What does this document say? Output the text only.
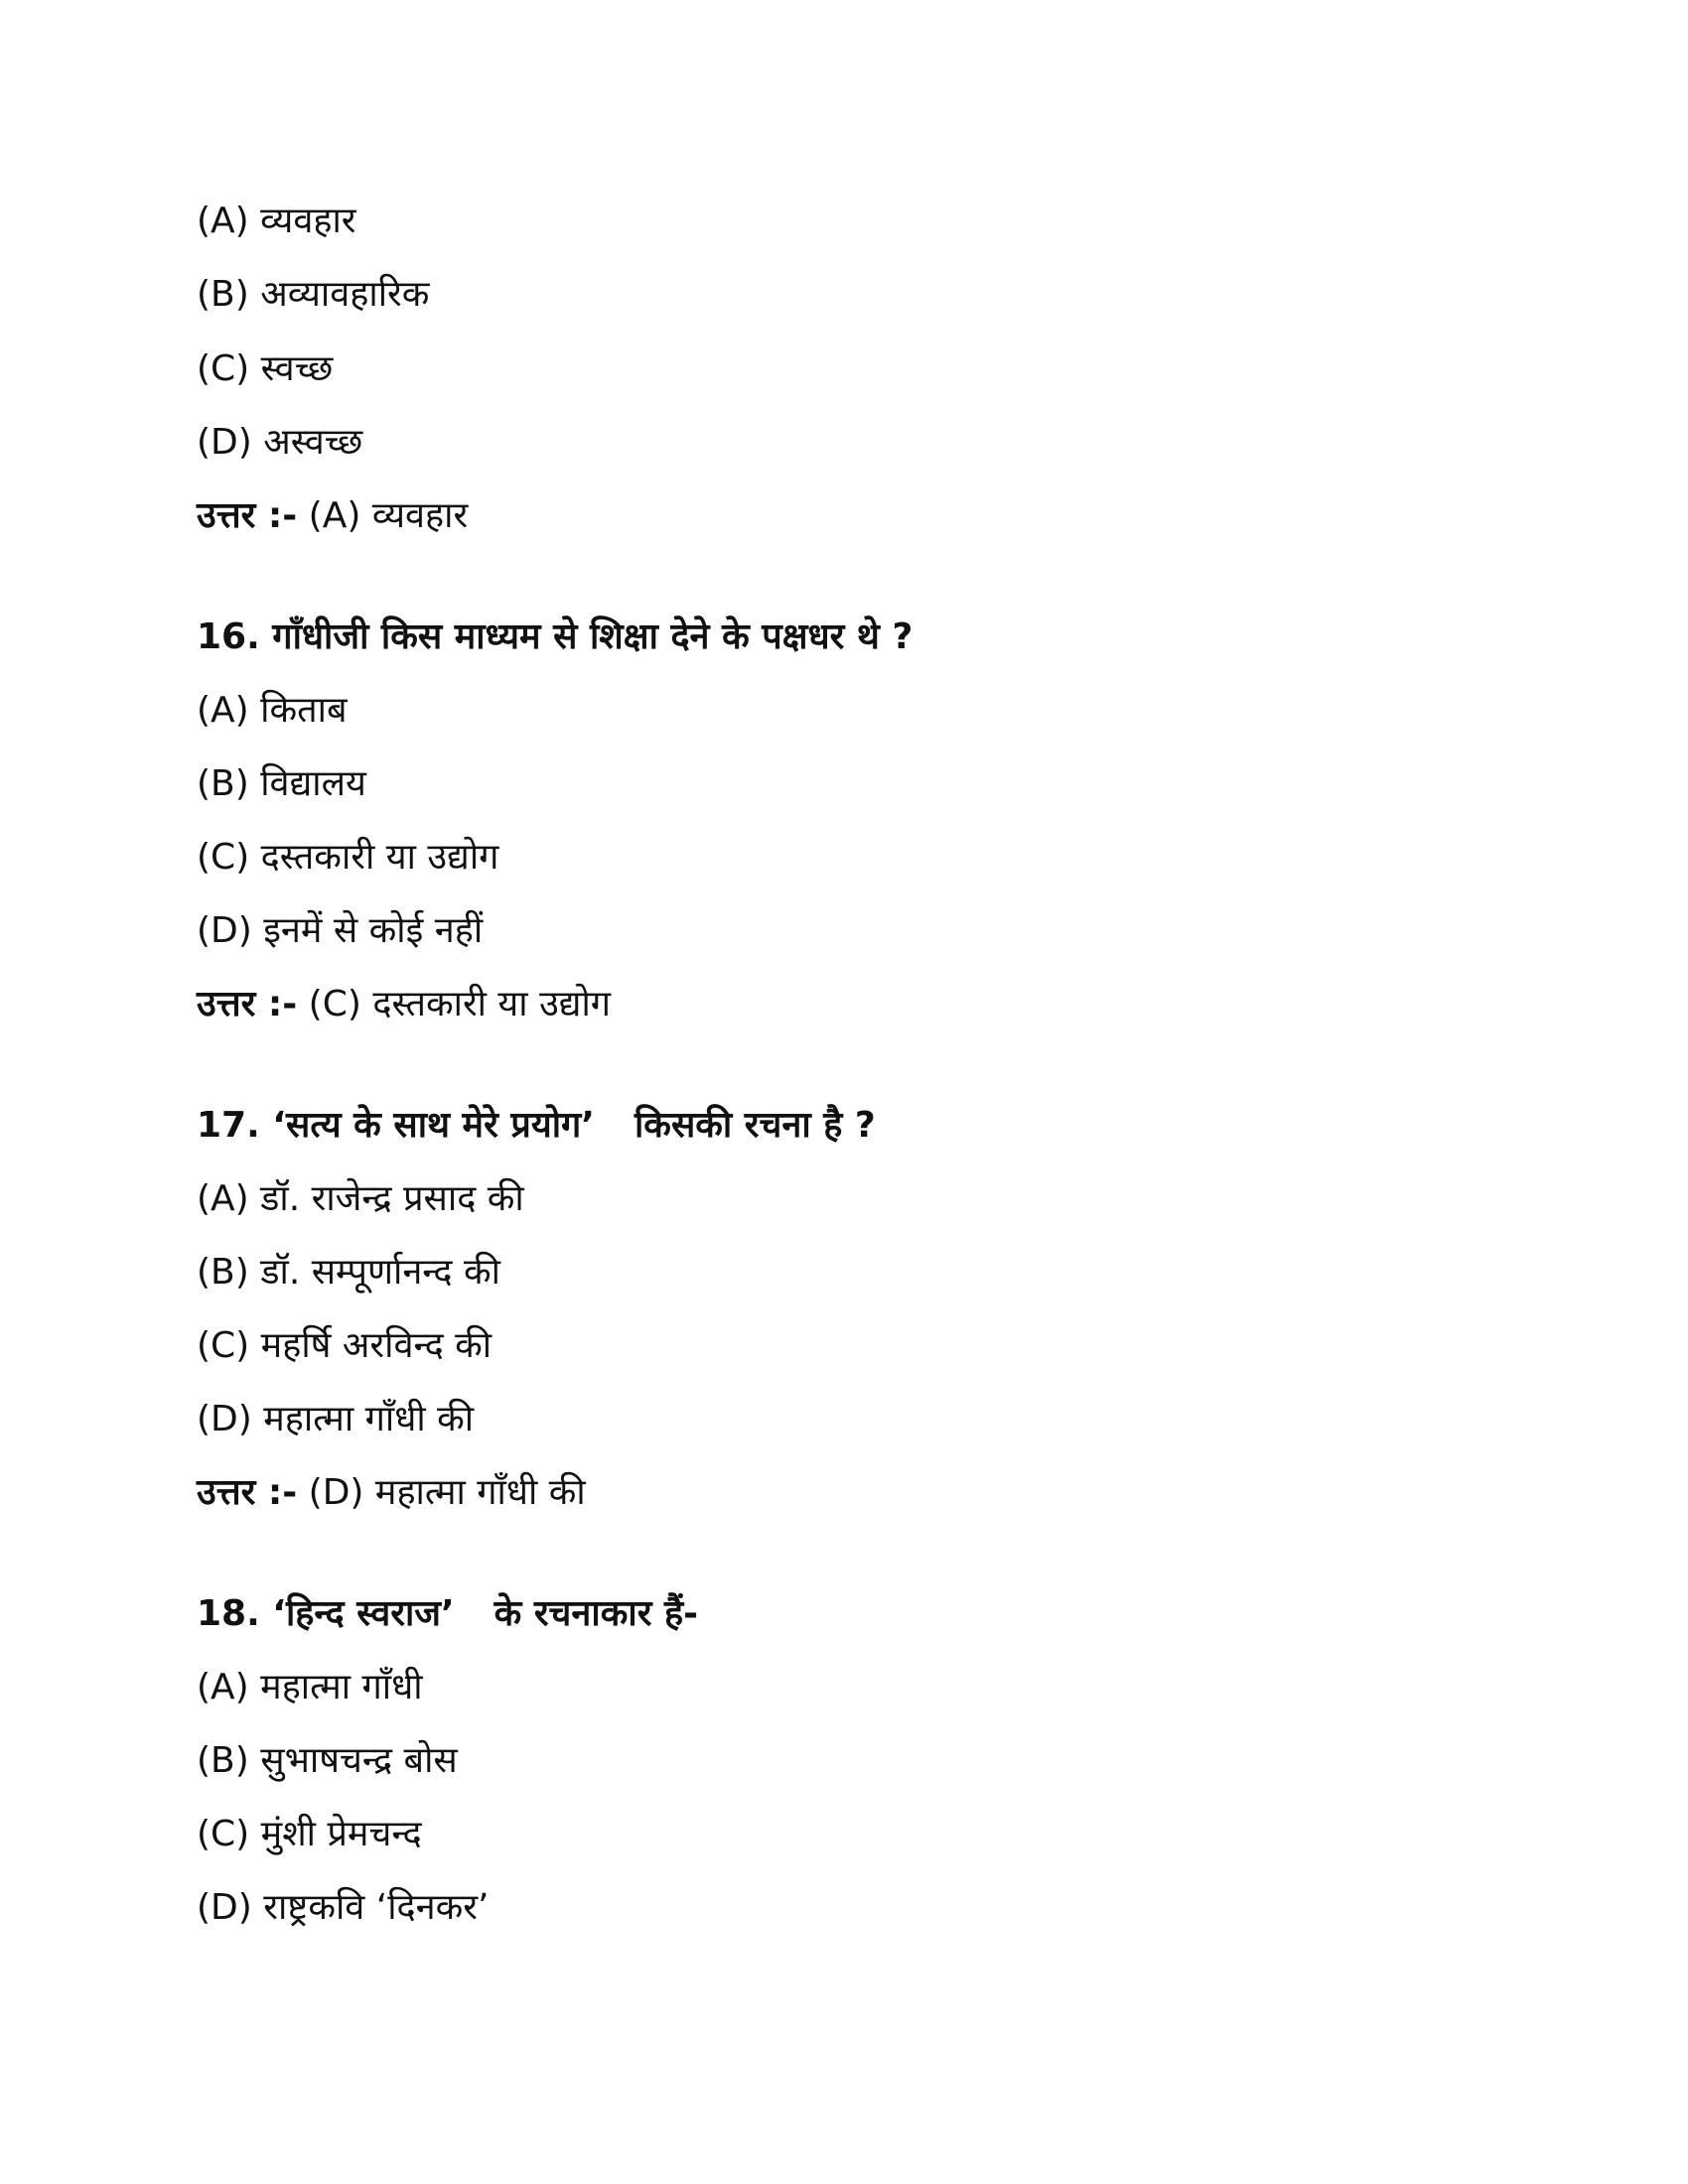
(A) व्यवहार
(B) अव्यावहारिक
(C) स्वच्छ
(D) अस्वच्छ
उत्तर :- (A) व्यवहार
16. गाँधीजी किस माध्यम से शिक्षा देने के पक्षधर थे ?
(A) किताब
(B) विद्यालय
(C) दस्तकारी या उद्योग
(D) इनमें से कोई नहीं
उत्तर :- (C) दस्तकारी या उद्योग
17. ‘सत्य के साथ मेरे प्रयोग’ किसकी रचना है ?
(A) डॉ. राजेन्द्र प्रसाद की
(B) डॉ. सम्पूर्णानन्द की
(C) महर्षि अरविन्द की
(D) महात्मा गाँधी की
उत्तर :- (D) महात्मा गाँधी की
18. ‘हिन्द स्वराज’ के रचनाकार हैं-
(A) महात्मा गाँधी
(B) सुभाषचन्द्र बोस
(C) मुंशी प्रेमचन्द
(D) राष्ट्रकवि ‘दिनकर’
